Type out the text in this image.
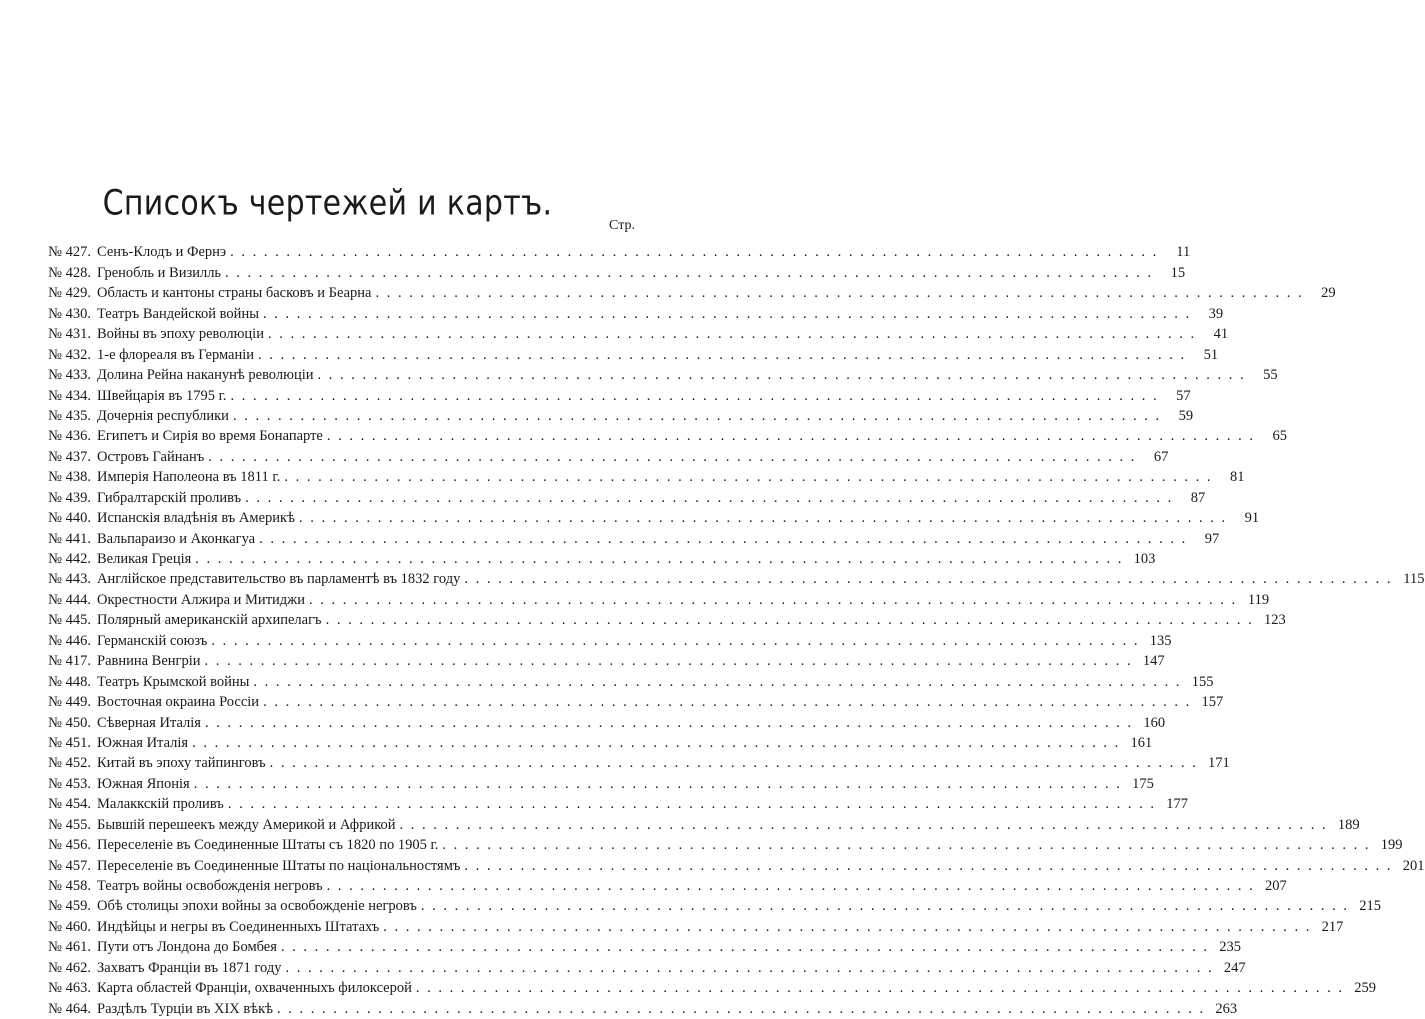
Списокъ чертежей и картъ.
Стр.
№ 427. Сенъ-Клодъ и Фернэ . . .	11
№ 428. Гренобль и Визилль . . .	15
№ 429. Область и кантоны страны басковъ и Беарна . . .	29
№ 430. Театръ Вандейской войны . . .	39
№ 431. Войны въ эпоху революціи . . .	41
№ 432. 1-е флореаля въ Германіи . . .	51
№ 433. Долина Рейна наканунѣ революціи . . .	55
№ 434. Швейцарія въ 1795 г. . . .	57
№ 435. Дочернія республики . . .	59
№ 436. Египетъ и Сирія во время Бонапарте . . .	65
№ 437. Островъ Гайнанъ . . .	67
№ 438. Имперія Наполеона въ 1811 г. . . .	81
№ 439. Гибралтарскій проливъ . . .	87
№ 440. Испанскія владѣнія въ Америкѣ . . .	91
№ 441. Вальпараизо и Аконкагуа . . .	97
№ 442. Великая Греція . . .	103
№ 443. Англійское представительство въ парламентѣ въ 1832 году . . .	115
№ 444. Окрестности Алжира и Митиджи . . .	119
№ 445. Полярный американскій архипелагъ . . .	123
№ 446. Германскій союзъ . . .	135
№ 417. Равнина Венгріи . . .	147
№ 448. Театръ Крымской войны . . .	155
№ 449. Восточная окраина Россіи . . .	157
№ 450. Сѣверная Италія . . .	160
№ 451. Южная Италія . . .	161
№ 452. Китай въ эпоху тайпинговъ . . .	171
№ 453. Южная Японія . . .	175
№ 454. Малаккскій проливъ . . .	177
№ 455. Бывшій перешеекъ между Америкой и Африкой . . .	189
№ 456. Переселеніе въ Соединенные Штаты съ 1820 по 1905 г. . . .	199
№ 457. Переселеніе въ Соединенные Штаты по національностямъ . . .	201
№ 458. Театръ войны освобожденія негровъ . . .	207
№ 459. Обѣ столицы эпохи войны за освобожденіе негровъ . . .	215
№ 460. Индѣйцы и негры въ Соединенныхъ Штатахъ . . .	217
№ 461. Пути отъ Лондона до Бомбея . . .	235
№ 462. Захватъ Франціи въ 1871 году . . .	247
№ 463. Карта областей Франціи, охваченныхъ филоксерой . . .	259
№ 464. Раздѣлъ Турціи въ XIX вѣкѣ . . .	263
